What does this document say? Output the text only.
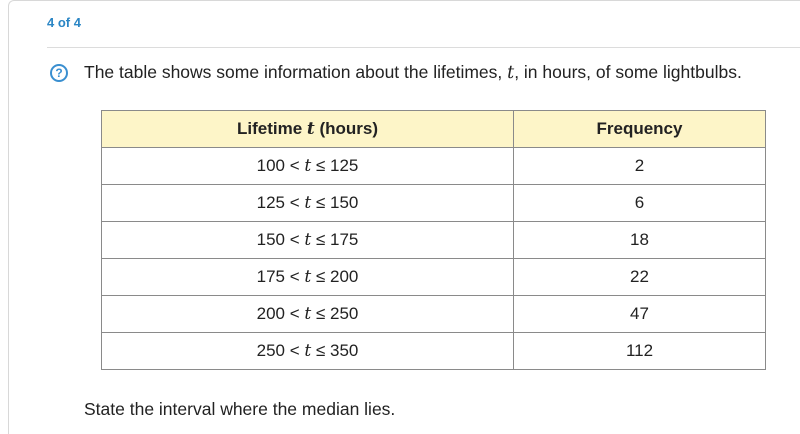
4 of 4
?	The table shows some information about the lifetimes, t, in hours, of some lightbulbs.
Lifetime t (hours)	Frequency
100 < t ≤ 125	2
125 < t ≤ 150	6
150 < t ≤ 175	18
175 < t ≤ 200	22
200 < t ≤ 250	47
250 < t ≤ 350	112
State the interval where the median lies.
